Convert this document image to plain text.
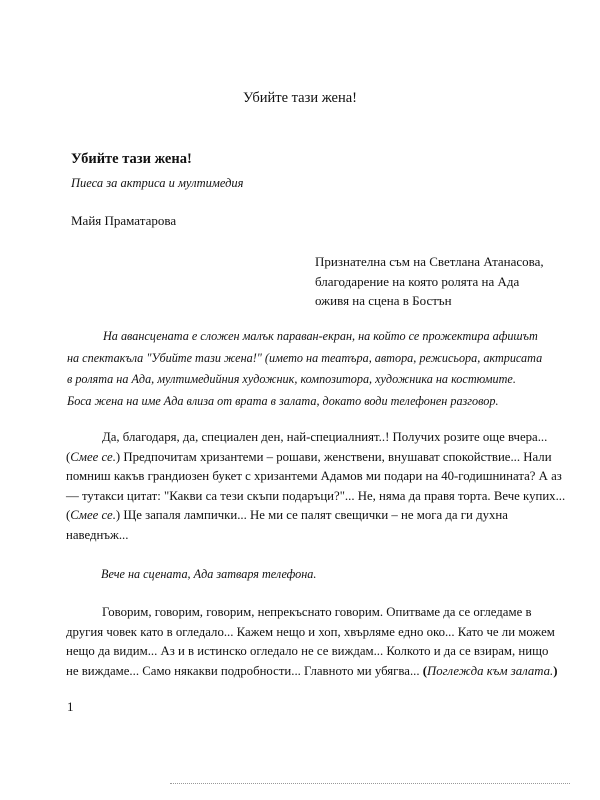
Убийте тази жена!
Убийте тази жена!
Пиеса за актриса и мултимедия
Майя Праматарова
Признателна съм на Светлана Атанасова,
благодарение на която ролята на Ада
оживя на сцена в Бостън
На авансцената е сложен малък параван-екран, на който се прожектира афишът
на спектакъла "Убийте тази жена!" (името на театъра, автора, режисьора, актрисата
в ролята на Ада, мултимедийния художник, композитора, художника на костюмите.
Боса жена на име Ада влиза от врата в залата, докато води телефонен разговор.
Да, благодаря, да, специален ден, най-специалният..! Получих розите още вчера...
(Смее се.) Предпочитам хризантеми – рошави, женствени, внушават спокойствие... Нали
помниш какъв грандиозен букет с хризантеми Адамов ми подари на 40-годишнината? А аз
— тутакси цитат: "Какви са тези скъпи подаръци?"... Не, няма да правя торта. Вече купих...
(Смее се.) Ще запаля лампички... Не ми се палят свещички – не мога да ги духна
наведнъж...
Вече на сцената, Ада затваря телефона.
Говорим, говорим, говорим, непрекъснато говорим. Опитваме да се огледаме в
другия човек като в огледало... Кажем нещо и хоп, хвърляме едно око... Като че ли можем
нещо да видим... Аз и в истинско огледало не се виждам... Колкото и да се взирам, нищо
не виждаме... Само някакви подробности... Главното ми убягва... (Поглежда към залата.)
1
